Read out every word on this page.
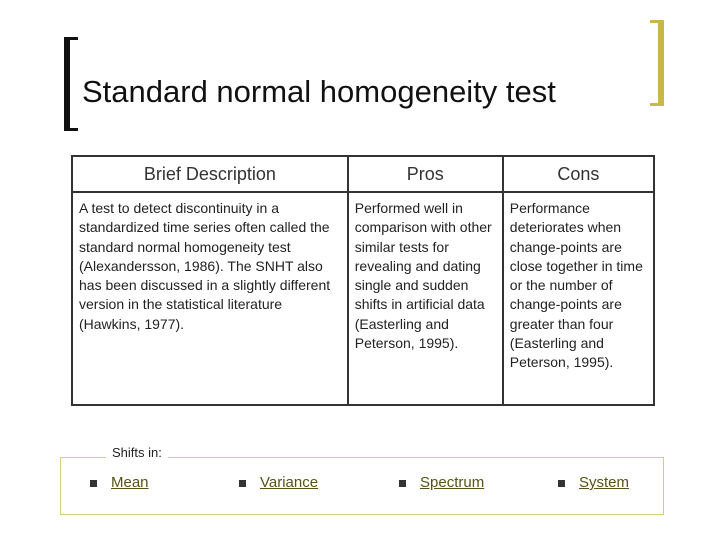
Standard normal homogeneity test
Brief Description	Pros	Cons
A test to detect discontinuity in a standardized time series often called the standard normal homogeneity test (Alexandersson, 1986). The SNHT also has been discussed in a slightly different version in the statistical literature (Hawkins, 1977).	Performed well in comparison with other similar tests for revealing and dating single and sudden shifts in artificial data (Easterling and Peterson, 1995).	Performance deteriorates when change-points are close together in time or the number of change-points are greater than four (Easterling and Peterson, 1995).
Shifts in:
Mean	Variance	Spectrum	System
